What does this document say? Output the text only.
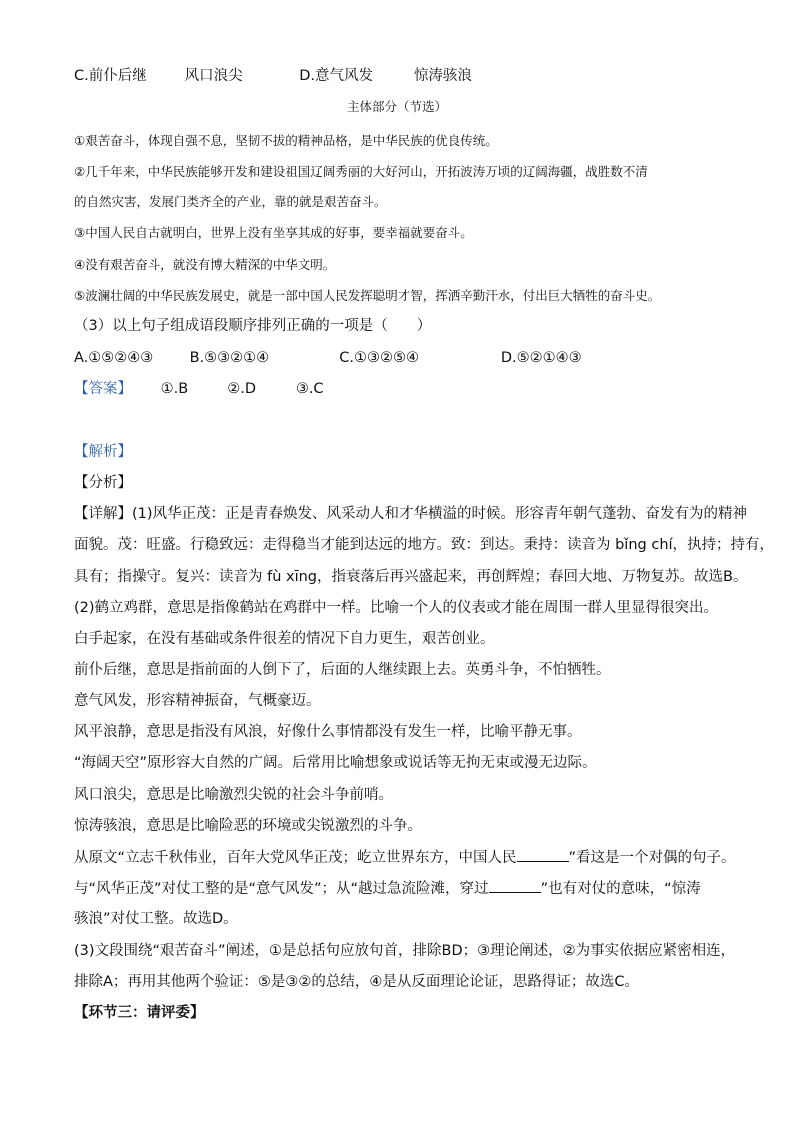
C.前仆后继	风口浪尖	D.意气风发	惊涛骇浪
主体部分（节选）
①艰苦奋斗，体现自强不息，坚韧不拔的精神品格，是中华民族的优良传统。
②几千年来，中华民族能够开发和建设祖国辽阔秀丽的大好河山，开拓波涛万顷的辽阔海疆，战胜数不清
的自然灾害，发展门类齐全的产业，靠的就是艰苦奋斗。
③中国人民自古就明白，世界上没有坐享其成的好事，要幸福就要奋斗。
④没有艰苦奋斗，就没有博大精深的中华文明。
⑤波澜壮阔的中华民族发展史，就是一部中国人民发挥聪明才智，挥洒辛勤汗水，付出巨大牺牲的奋斗史。
（3）以上句子组成语段顺序排列正确的一项是（　　）
A.①⑤②④③	B.⑤③②①④	C.①③②⑤④	D.⑤②①④③
【答案】 ①.B	②.D	③.C
【解析】
【分析】
【详解】(1)风华正茂：正是青春焕发、风采动人和才华横溢的时候。形容青年朝气蓬勃、奋发有为的精神
面貌。茂：旺盛。行稳致远：走得稳当才能到达远的地方。致：到达。秉持：读音为 bǐng chí，执持；持有，
具有；指操守。复兴：读音为 fù xīng，指衰落后再兴盛起来，再创辉煌；春回大地、万物复苏。故选B。
(2)鹤立鸡群，意思是指像鹤站在鸡群中一样。比喻一个人的仪表或才能在周围一群人里显得很突出。
白手起家，在没有基础或条件很差的情况下自力更生，艰苦创业。
前仆后继，意思是指前面的人倒下了，后面的人继续跟上去。英勇斗争，不怕牺牲。
意气风发，形容精神振奋，气概豪迈。
风平浪静，意思是指没有风浪，好像什么事情都没有发生一样，比喻平静无事。
“海阔天空”原形容大自然的广阔。后常用比喻想象或说话等无拘无束或漫无边际。
风口浪尖，意思是比喻激烈尖锐的社会斗争前哨。
惊涛骇浪，意思是比喻险恶的环境或尖锐激烈的斗争。
从原文“立志千秋伟业，百年大党风华正茂；屹立世界东方，中国人民	”看这是一个对偶的句子。
与“风华正茂”对仗工整的是“意气风发”；从“越过急流险滩，穿过	”也有对仗的意味，“惊涛
骇浪”对仗工整。故选D。
(3)文段围绕“艰苦奋斗”阐述，①是总括句应放句首，排除BD；③理论阐述，②为事实依据应紧密相连，
排除A；再用其他两个验证：⑤是③②的总结，④是从反面理论论证，思路得证；故选C。
【环节三：请评委】
